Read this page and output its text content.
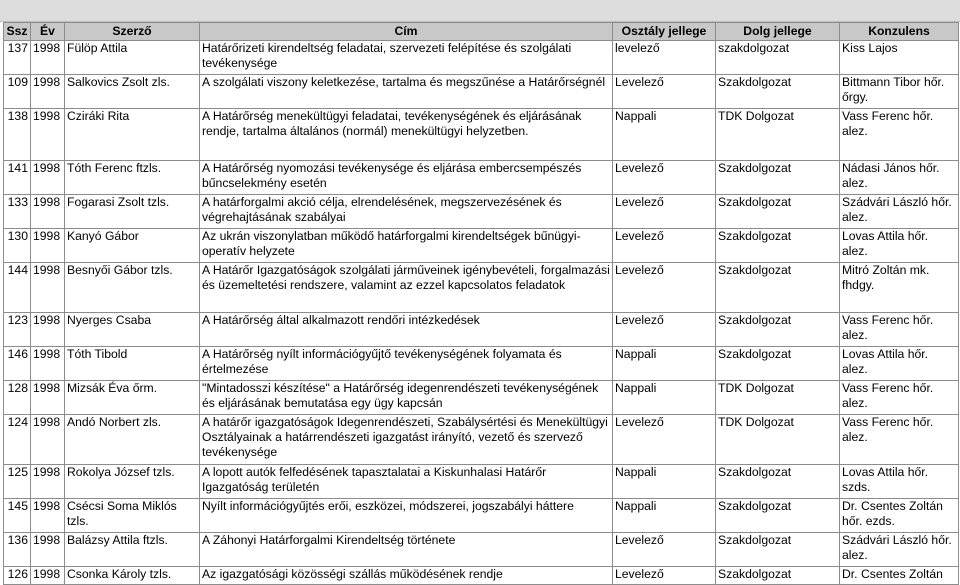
Ssz	Év	Szerző	Cím	Osztály jellege	Dolg jellege	Konzulens
137	1998	Fülöp Attila	Határőrizeti kirendeltség feladatai, szervezeti felépítése és szolgálati tevékenysége	levelező	szakdolgozat	Kiss Lajos
109	1998	Salkovics Zsolt zls.	A szolgálati viszony keletkezése, tartalma és megszűnése a Határőrségnél	Levelező	Szakdolgozat	Bittmann Tibor hőr. őrgy.
138	1998	Cziráki Rita	A Határőrség menekültügyi feladatai, tevékenységének és eljárásának rendje, tartalma általános (normál) menekültügyi helyzetben.	Nappali	TDK Dolgozat	Vass Ferenc hőr. alez.
141	1998	Tóth Ferenc ftzls.	A Határőrség nyomozási tevékenysége és eljárása embercsempészés bűncselekmény esetén	Levelező	Szakdolgozat	Nádasi János hőr. alez.
133	1998	Fogarasi Zsolt tzls.	A határforgalmi akció célja, elrendelésének, megszervezésének és végrehajtásának szabályai	Levelező	Szakdolgozat	Szádvári László hőr. alez.
130	1998	Kanyó Gábor	Az ukrán viszonylatban működő határforgalmi kirendeltségek bűnügyi-operatív helyzete	Levelező	Szakdolgozat	Lovas Attila hőr. alez.
144	1998	Besnyői Gábor tzls.	A Határőr Igazgatóságok szolgálati járműveinek igénybevételi, forgalmazási és üzemeltetési rendszere, valamint az ezzel kapcsolatos feladatok	Levelező	Szakdolgozat	Mitró Zoltán mk. fhdgy.
123	1998	Nyerges Csaba	A Határőrség által alkalmazott rendőri intézkedések	Levelező	Szakdolgozat	Vass Ferenc hőr. alez.
146	1998	Tóth Tibold	A Határőrség nyílt információgyűjtő tevékenységének folyamata és értelmezése	Nappali	Szakdolgozat	Lovas Attila hőr. alez.
128	1998	Mizsák Éva őrm.	"Mintadosszi készítése" a Határőrség idegenrendészeti tevékenységének és eljárásának bemutatása egy ügy kapcsán	Nappali	TDK Dolgozat	Vass Ferenc hőr. alez.
124	1998	Andó Norbert zls.	A határőr igazgatóságok Idegenrendészeti, Szabálysértési és Menekültügyi Osztályainak a határrendészeti igazgatást irányító, vezető és szervező tevékenysége	Levelező	TDK Dolgozat	Vass Ferenc hőr. alez.
125	1998	Rokolya József tzls.	A lopott autók felfedésének tapasztalatai a Kiskunhalasi Határőr Igazgatóság területén	Nappali	Szakdolgozat	Lovas Attila hőr. szds.
145	1998	Csécsi Soma Miklós tzls.	Nyílt információgyűjtés erői, eszközei, módszerei, jogszabályi háttere	Nappali	Szakdolgozat	Dr. Csentes Zoltán hőr. ezds.
136	1998	Balázsy Attila ftzls.	A Záhonyi Határforgalmi Kirendeltség története	Levelező	Szakdolgozat	Szádvári László hőr. alez.
126	1998	Csonka Károly tzls.	Az igazgatósági közösségi szállás működésének rendje	Levelező	Szakdolgozat	Dr. Csentes Zoltán
